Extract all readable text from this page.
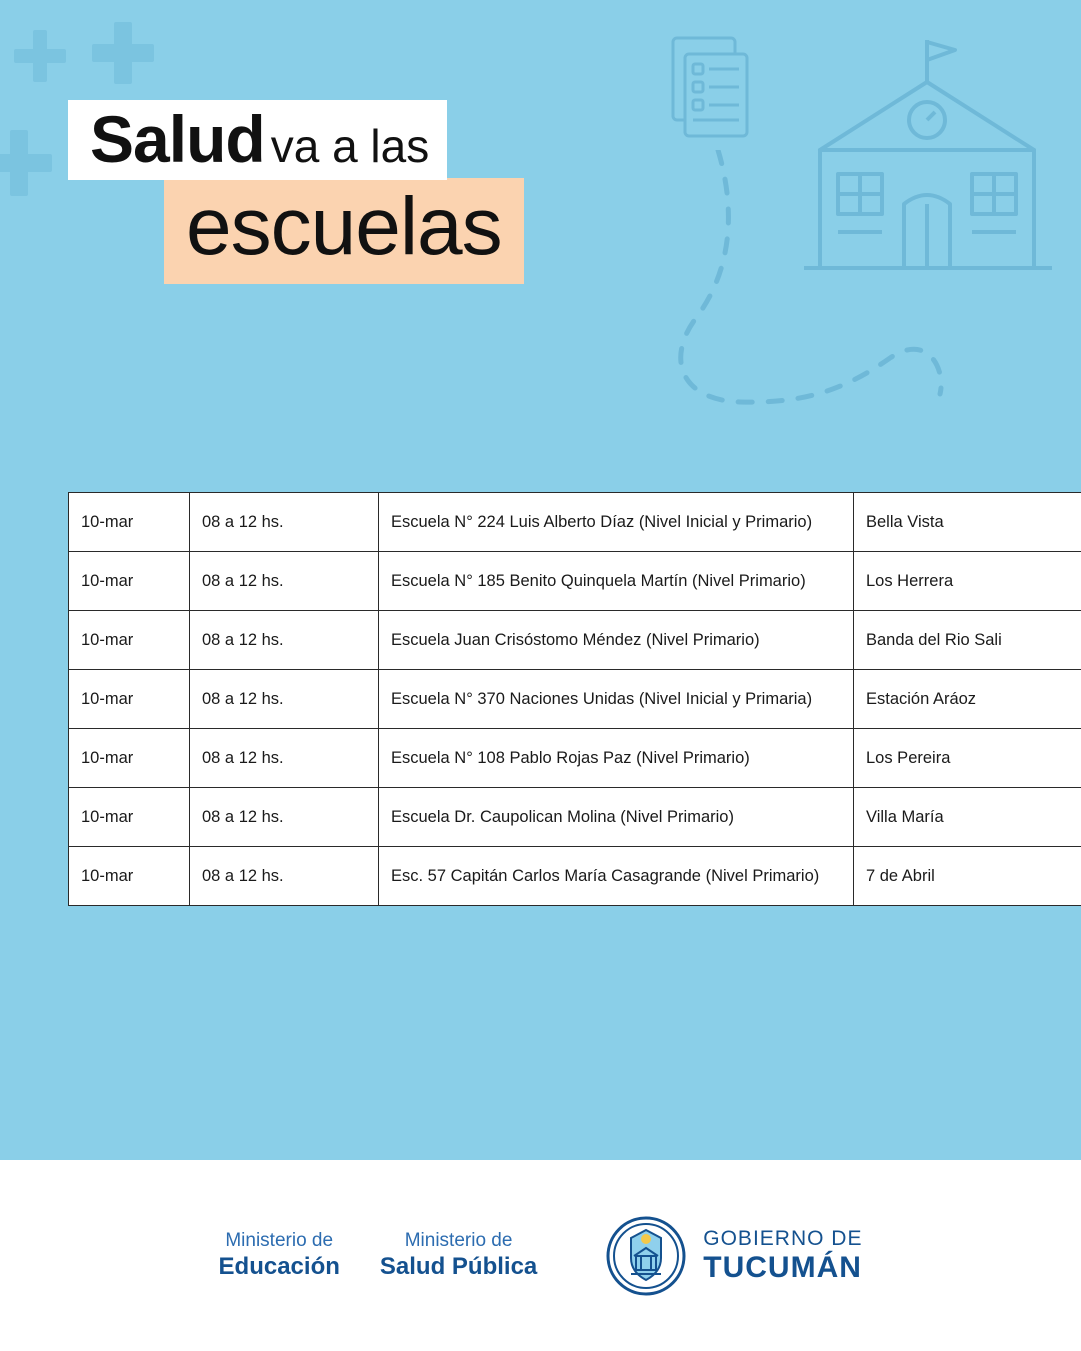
escuelas
Salud va a las
10-mar	08 a 12 hs.	Escuela N° 224 Luis Alberto Díaz (Nivel Inicial y Primario)	Bella Vista
10-mar	08 a 12 hs.	Escuela N° 185 Benito Quinquela Martín (Nivel Primario)	Los Herrera
10-mar	08 a 12 hs.	Escuela Juan Crisóstomo Méndez (Nivel Primario)	Banda del Rio Sali
10-mar	08 a 12 hs.	Escuela N° 370 Naciones Unidas (Nivel Inicial y Primaria)	Estación Aráoz
10-mar	08 a 12 hs.	Escuela N° 108 Pablo Rojas Paz (Nivel Primario)	Los Pereira
10-mar	08 a 12 hs.	Escuela Dr. Caupolican Molina (Nivel Primario)	Villa María
10-mar	08 a 12 hs.	Esc. 57 Capitán Carlos María Casagrande (Nivel Primario)	7 de Abril
Ministerio de
Educación
Ministerio de
Salud Pública
GOBIERNO DE
TUCUMÁN
